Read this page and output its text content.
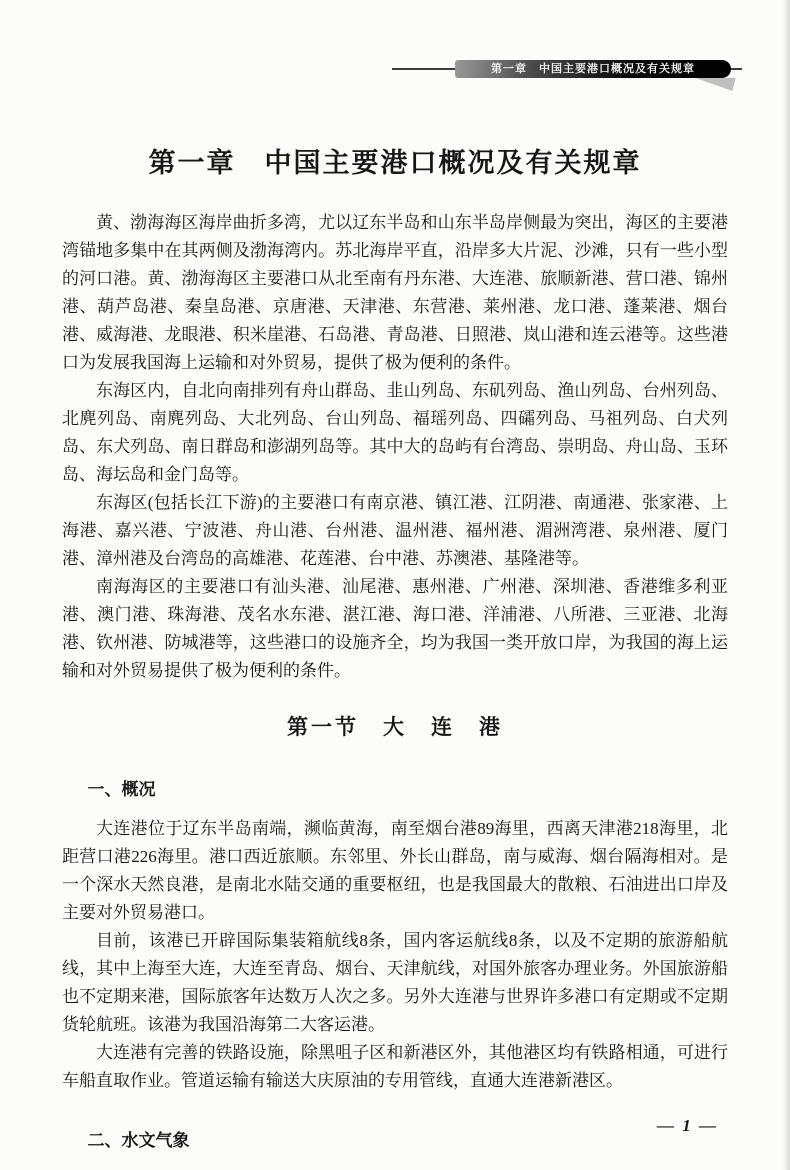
第一章　中国主要港口概况及有关规章
第一章　中国主要港口概况及有关规章

黄、渤海海区海岸曲折多湾，尤以辽东半岛和山东半岛岸侧最为突出，海区的主要港湾锚地多集中在其两侧及渤海湾内。苏北海岸平直，沿岸多大片泥、沙滩，只有一些小型的河口港。黄、渤海海区主要港口从北至南有丹东港、大连港、旅顺新港、营口港、锦州港、葫芦岛港、秦皇岛港、京唐港、天津港、东营港、莱州港、龙口港、蓬莱港、烟台港、威海港、龙眼港、积米崖港、石岛港、青岛港、日照港、岚山港和连云港等。这些港口为发展我国海上运输和对外贸易，提供了极为便利的条件。

东海区内，自北向南排列有舟山群岛、韭山列岛、东矶列岛、渔山列岛、台州列岛、北麂列岛、南麂列岛、大北列岛、台山列岛、福瑶列岛、四礵列岛、马祖列岛、白犬列岛、东犬列岛、南日群岛和澎湖列岛等。其中大的岛屿有台湾岛、崇明岛、舟山岛、玉环岛、海坛岛和金门岛等。

东海区(包括长江下游)的主要港口有南京港、镇江港、江阴港、南通港、张家港、上海港、嘉兴港、宁波港、舟山港、台州港、温州港、福州港、湄洲湾港、泉州港、厦门港、漳州港及台湾岛的高雄港、花莲港、台中港、苏澳港、基隆港等。

南海海区的主要港口有汕头港、汕尾港、惠州港、广州港、深圳港、香港维多利亚港、澳门港、珠海港、茂名水东港、湛江港、海口港、洋浦港、八所港、三亚港、北海港、钦州港、防城港等，这些港口的设施齐全，均为我国一类开放口岸，为我国的海上运输和对外贸易提供了极为便利的条件。

第一节　大　连　港
一、概况

大连港位于辽东半岛南端，濒临黄海，南至烟台港89海里，西离天津港218海里，北距营口港226海里。港口西近旅顺。东邻里、外长山群岛，南与威海、烟台隔海相对。是一个深水天然良港，是南北水陆交通的重要枢纽，也是我国最大的散粮、石油进出口岸及主要对外贸易港口。

目前，该港已开辟国际集装箱航线8条，国内客运航线8条，以及不定期的旅游船航线，其中上海至大连，大连至青岛、烟台、天津航线，对国外旅客办理业务。外国旅游船也不定期来港，国际旅客年达数万人次之多。另外大连港与世界许多港口有定期或不定期货轮航班。该港为我国沿海第二大客运港。

大连港有完善的铁路设施，除黑咀子区和新港区外，其他港区均有铁路相通，可进行车船直取作业。管道运输有输送大庆原油的专用管线，直通大连港新港区。

二、水文气象

— 1 —
